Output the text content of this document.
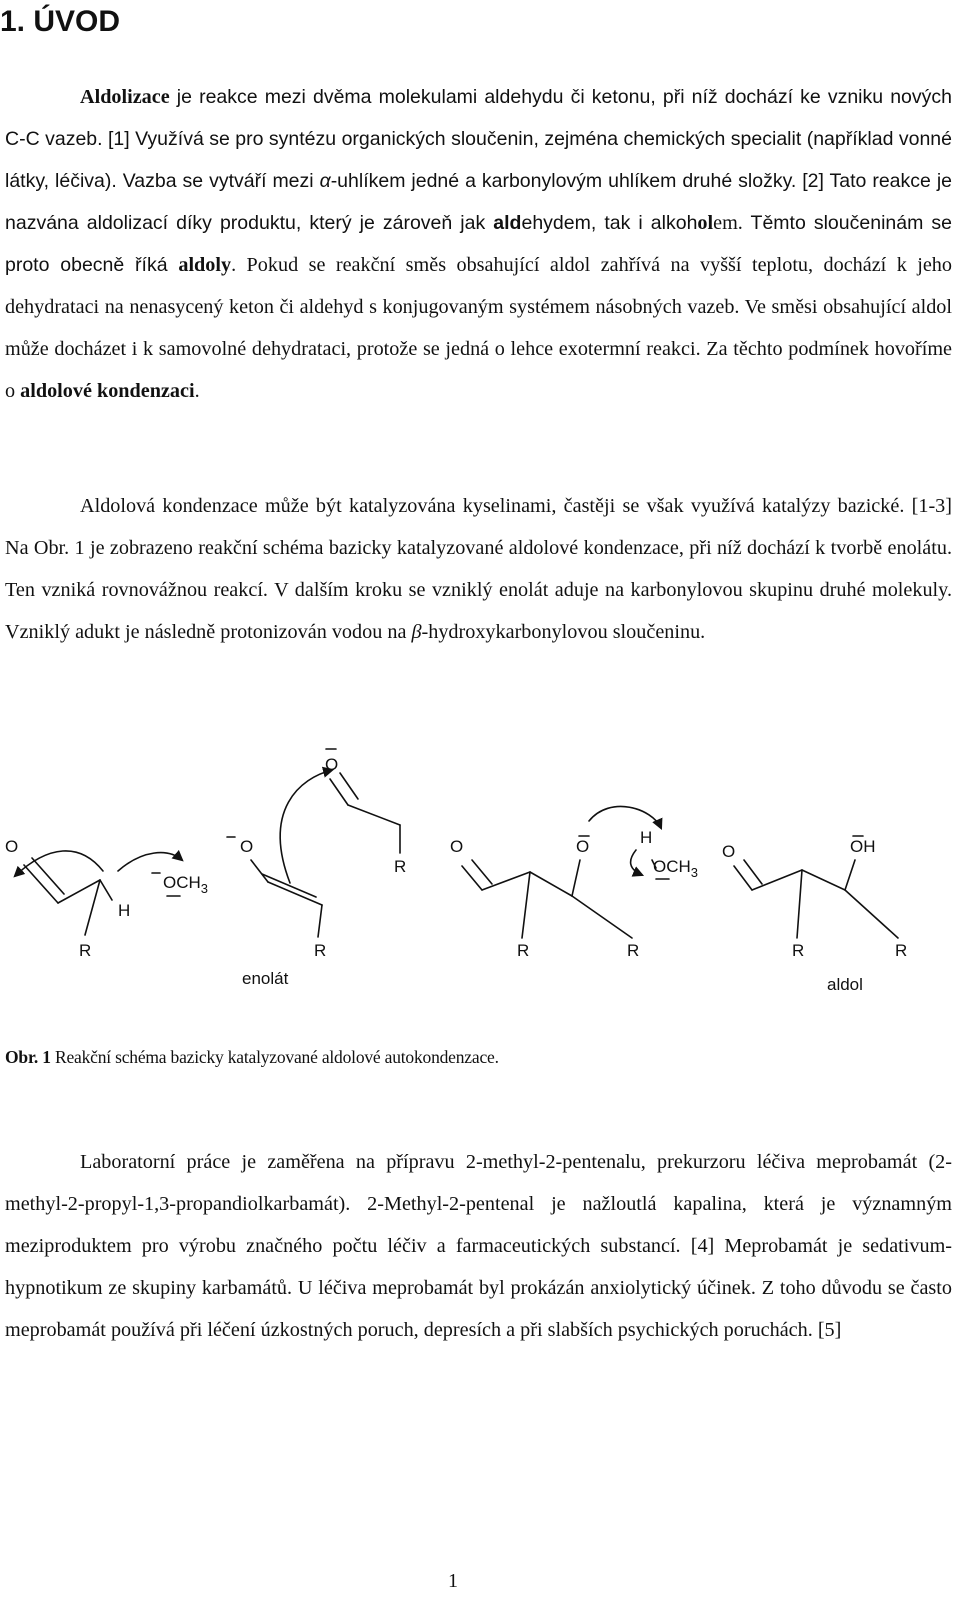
1. ÚVOD

Aldolizace je reakce mezi dvěma molekulami aldehydu či ketonu, při níž dochází ke vzniku nových C-C vazeb. [1] Využívá se pro syntézu organických sloučenin, zejména chemických specialit (například vonné látky, léčiva). Vazba se vytváří mezi α-uhlíkem jedné a karbonylovým uhlíkem druhé složky. [2] Tato reakce je nazvána aldolizací díky produktu, který je zároveň jak aldehydem, tak i alkoholem. Těmto sloučeninám se proto obecně říká aldoly. Pokud se reakční směs obsahující aldol zahřívá na vyšší teplotu, dochází k jeho dehydrataci na nenasycený keton či aldehyd s konjugovaným systémem násobných vazeb. Ve směsi obsahující aldol může docházet i k samovolné dehydrataci, protože se jedná o lehce exotermní reakci. Za těchto podmínek hovoříme o aldolové kondenzaci.

Aldolová kondenzace může být katalyzována kyselinami, častěji se však využívá katalýzy bazické. [1-3] Na Obr. 1 je zobrazeno reakční schéma bazicky katalyzované aldolové kondenzace, při níž dochází k tvorbě enolátu. Ten vzniká rovnovážnou reakcí. V dalším kroku se vzniklý enolát aduje na karbonylovou skupinu druhé molekuly. Vzniklý adukt je následně protonizován vodou na β-hydroxykarbonylovou sloučeninu.

O
H
R
$OCH_3$
O
R
enolát
O
R
O	O
R	R
H
$OCH_3$
O	OH
R	R
aldol

Obr. 1 Reakční schéma bazicky katalyzované aldolové autokondenzace.

Laboratorní práce je zaměřena na přípravu 2-methyl-2-pentenalu, prekurzoru léčiva meprobamát (2-methyl-2-propyl-1,3-propandiolkarbamát). 2-Methyl-2-pentenal je nažloutlá kapalina, která je významným meziproduktem pro výrobu značného počtu léčiv a farmaceutických substancí. [4] Meprobamát je sedativum-hypnotikum ze skupiny karbamátů. U léčiva meprobamát byl prokázán anxiolytický účinek. Z toho důvodu se často meprobamát používá při léčení úzkostných poruch, depresích a při slabších psychických poruchách. [5]

1
